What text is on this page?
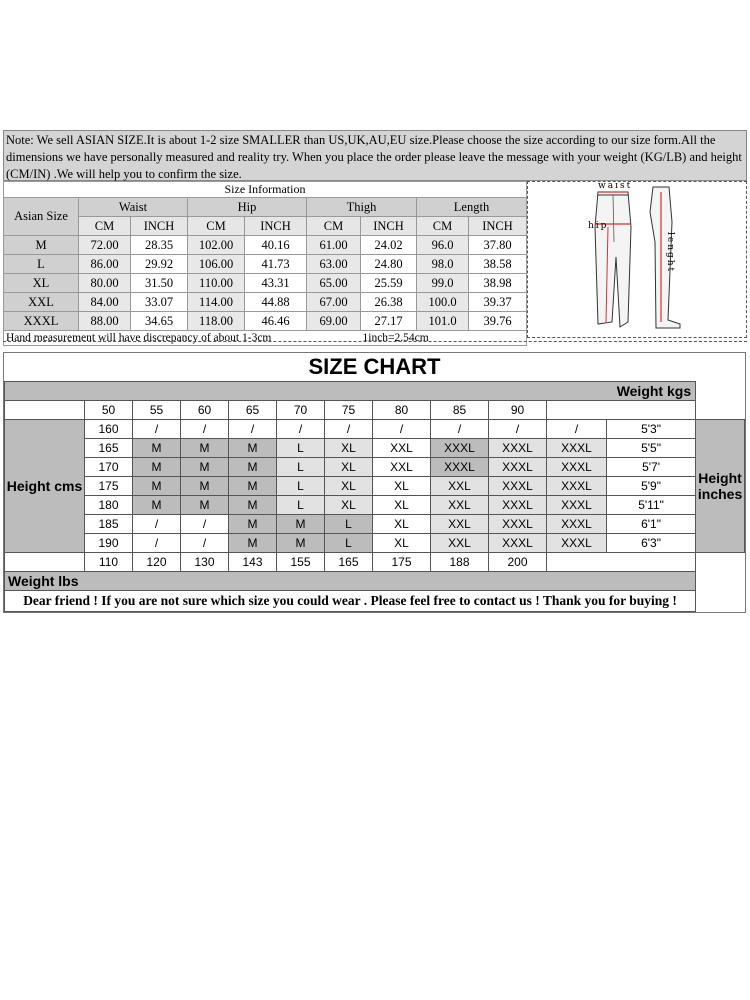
Note: We sell ASIAN SIZE.It is about 1-2 size SMALLER than US,UK,AU,EU size.Please choose the size according to our size form.All the dimensions we have personally measured and reality try. When you place the order please leave the message with your weight (KG/LB) and height (CM/IN) .We will help you to confirm the size.
Size Information								
Asian Size	Waist		Hip		Thigh		Length	
	CM	INCH	CM	INCH	CM	INCH	CM	INCH
M	72.00	28.35	102.00	40.16	61.00	24.02	96.0	37.80
L	86.00	29.92	106.00	41.73	63.00	24.80	98.0	38.58
XL	80.00	31.50	110.00	43.31	65.00	25.59	99.0	38.98
XXL	84.00	33.07	114.00	44.88	67.00	26.38	100.0	39.37
XXXL	88.00	34.65	118.00	46.46	69.00	27.17	101.0	39.76
Hand measurement will have discrepancy of about 1-3cm						1inch=2.54cm		
waist
hip
lenght
SIZE CHART
Weight kgs												
	50	55	60	65	70	75	80	85	90			
Height cms	160	/	/	/	/	/	/	/	/	/	5'3"	Height inches
	165	M	M	M	L	XL	XXL	XXXL	XXXL	XXXL	5'5"	
	170	M	M	M	L	XL	XXL	XXXL	XXXL	XXXL	5'7'	
	175	M	M	M	L	XL	XL	XXL	XXXL	XXXL	5'9"	
	180	M	M	M	L	XL	XL	XXL	XXXL	XXXL	5'11"	
	185	/	/	M	M	L	XL	XXL	XXXL	XXXL	6'1"	
	190	/	/	M	M	L	XL	XXL	XXXL	XXXL	6'3"	
	110	120	130	143	155	165	175	188	200			
Weight lbs												
Dear friend ! If you are not sure which size you could wear . Please feel free to contact us ! Thank you for buying !												
